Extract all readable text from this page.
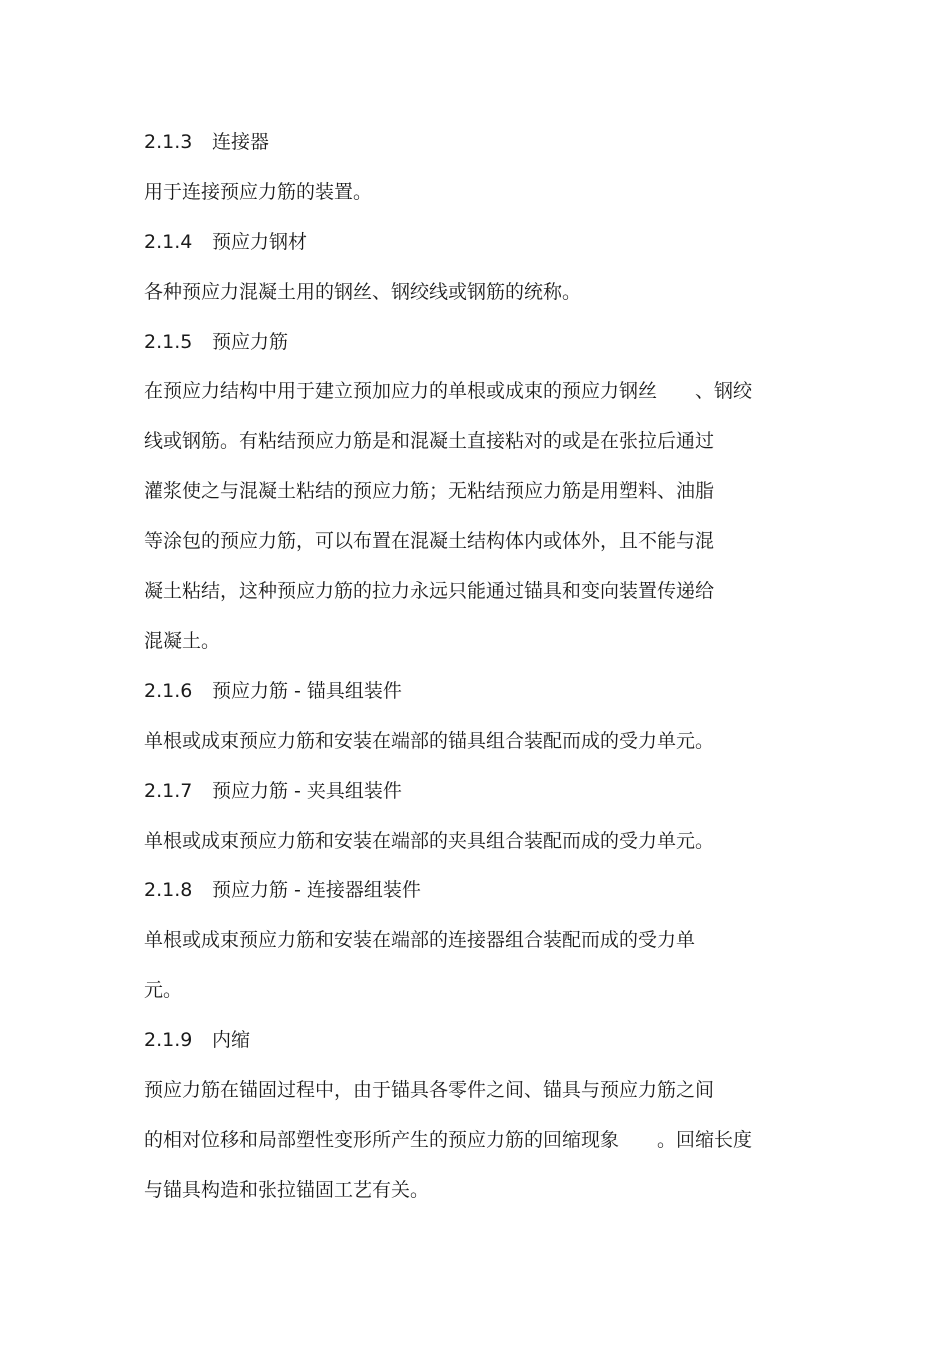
2.1.3 连接器
用于连接预应力筋的装置。
2.1.4 预应力钢材
各种预应力混凝土用的钢丝、钢绞线或钢筋的统称。
2.1.5 预应力筋
在预应力结构中用于建立预加应力的单根或成束的预应力钢丝　　、钢绞
线或钢筋。有粘结预应力筋是和混凝土直接粘对的或是在张拉后通过
灌浆使之与混凝土粘结的预应力筋；无粘结预应力筋是用塑料、油脂
等涂包的预应力筋，可以布置在混凝土结构体内或体外，且不能与混
凝土粘结，这种预应力筋的拉力永远只能通过锚具和变向装置传递给
混凝土。
2.1.6 预应力筋 - 锚具组装件
单根或成束预应力筋和安装在端部的锚具组合装配而成的受力单元。
2.1.7 预应力筋 - 夹具组装件
单根或成束预应力筋和安装在端部的夹具组合装配而成的受力单元。
2.1.8 预应力筋 - 连接器组装件
单根或成束预应力筋和安装在端部的连接器组合装配而成的受力单
元。
2.1.9 内缩
预应力筋在锚固过程中，由于锚具各零件之间、锚具与预应力筋之间
的相对位移和局部塑性变形所产生的预应力筋的回缩现象　　。回缩长度
与锚具构造和张拉锚固工艺有关。
